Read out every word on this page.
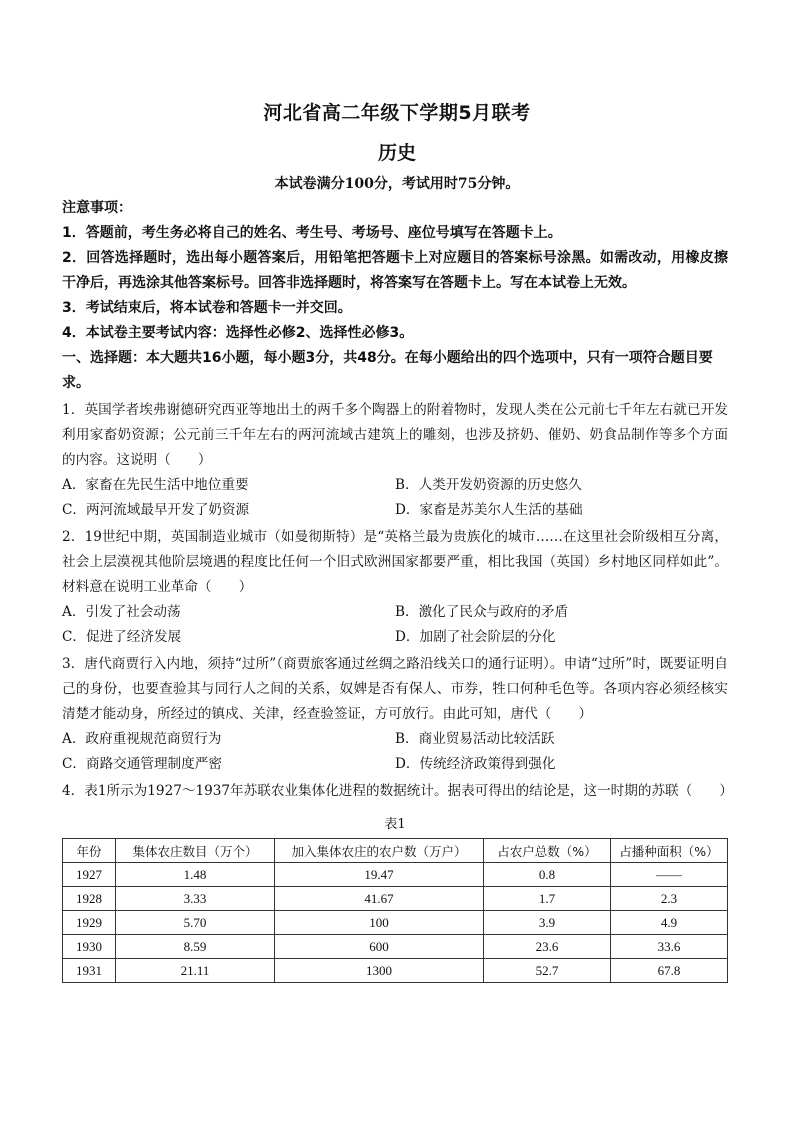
河北省高二年级下学期5月联考
历史
本试卷满分100分，考试用时75分钟。
注意事项：
1．答题前，考生务必将自己的姓名、考生号、考场号、座位号填写在答题卡上。
2．回答选择题时，选出每小题答案后，用铅笔把答题卡上对应题目的答案标号涂黑。如需改动，用橡皮擦干净后，再选涂其他答案标号。回答非选择题时，将答案写在答题卡上。写在本试卷上无效。
3．考试结束后，将本试卷和答题卡一并交回。
4．本试卷主要考试内容：选择性必修2、选择性必修3。
一、选择题：本大题共16小题，每小题3分，共48分。在每小题给出的四个选项中，只有一项符合题目要求。
1．英国学者埃弗谢德研究西亚等地出土的两千多个陶器上的附着物时，发现人类在公元前七千年左右就已开发利用家畜奶资源；公元前三千年左右的两河流域古建筑上的雕刻，也涉及挤奶、催奶、奶食品制作等多个方面的内容。这说明（　　）
A．家畜在先民生活中地位重要	B．人类开发奶资源的历史悠久
C．两河流域最早开发了奶资源	D．家畜是苏美尔人生活的基础
2．19世纪中期，英国制造业城市（如曼彻斯特）是“英格兰最为贵族化的城市……在这里社会阶级相互分离，社会上层漠视其他阶层境遇的程度比任何一个旧式欧洲国家都要严重，相比我国（英国）乡村地区同样如此”。材料意在说明工业革命（　　）
A．引发了社会动荡	B．激化了民众与政府的矛盾
C．促进了经济发展	D．加剧了社会阶层的分化
3．唐代商贾行入内地，须持“过所”（商贾旅客通过丝绸之路沿线关口的通行证明）。申请“过所”时，既要证明自己的身份，也要查验其与同行人之间的关系，奴婢是否有保人、市券，牲口何种毛色等。各项内容必须经核实清楚才能动身，所经过的镇戍、关津，经查验签证，方可放行。由此可知，唐代（　　）
A．政府重视规范商贸行为	B．商业贸易活动比较活跃
C．商路交通管理制度严密	D．传统经济政策得到强化
4．表1所示为1927～1937年苏联农业集体化进程的数据统计。据表可得出的结论是，这一时期的苏联（　　）
表1
年份	集体农庄数目（万个）	加入集体农庄的农户数（万户）	占农户总数（%）	占播种面积（%）
1927	1.48	19.47	0.8	——
1928	3.33	41.67	1.7	2.3
1929	5.70	100	3.9	4.9
1930	8.59	600	23.6	33.6
1931	21.11	1300	52.7	67.8
